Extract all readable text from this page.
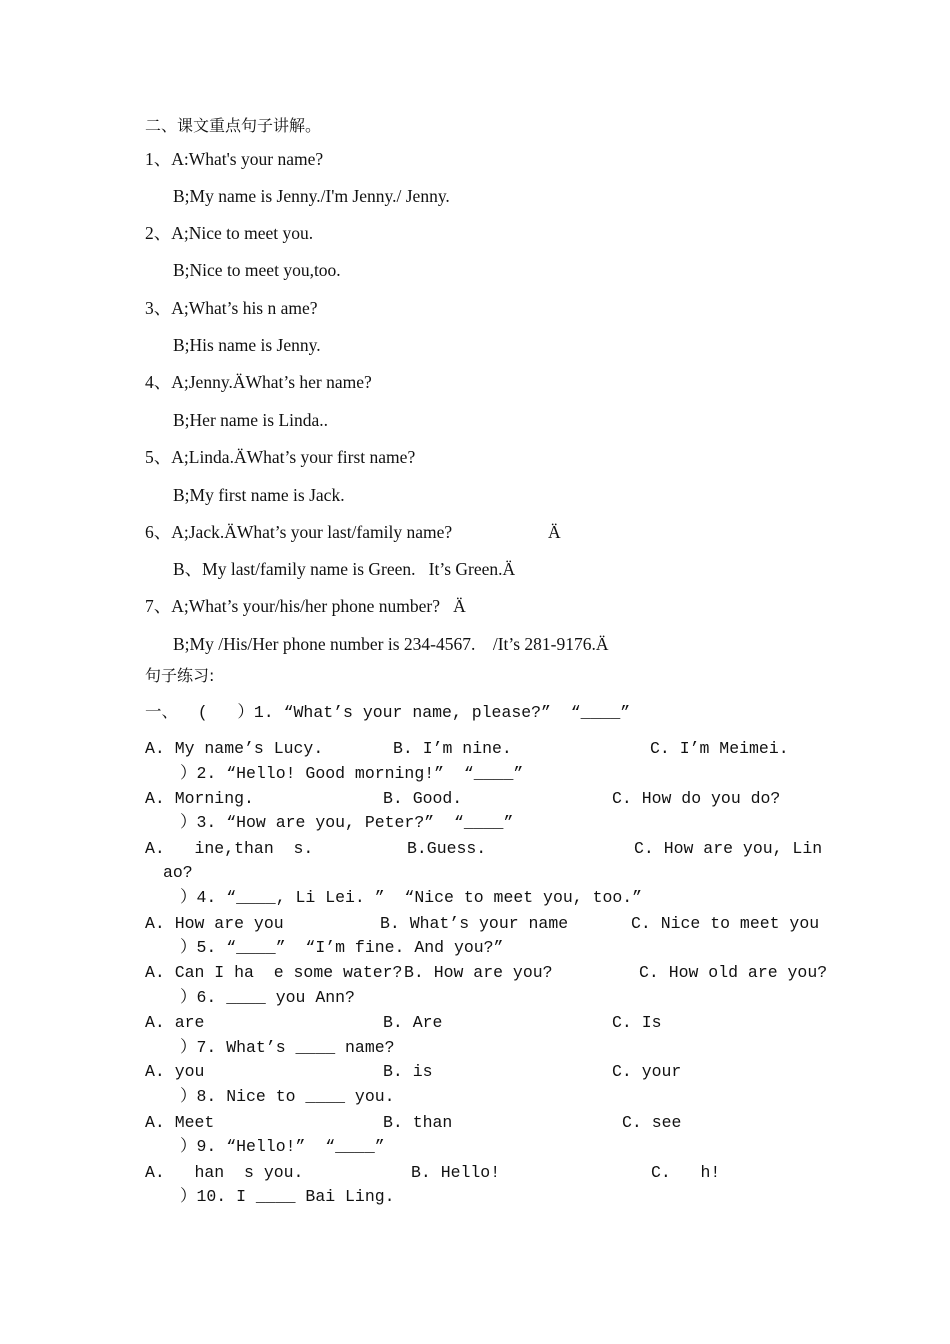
二、课文重点句子讲解。
1、A:What's your name?
B;My name is Jenny./I'm Jenny./ Jenny.
2、A;Nice to meet you.
B;Nice to meet you,too.
3、A;What’s his n ame?
B;His name is Jenny.
4、A;Jenny.ÄWhat’s her name?
B;Her name is Linda..
5、A;Linda.ÄWhat’s your first name?
B;My first name is Jack.
6、A;Jack.ÄWhat’s your last/family name?	Ä
B、My last/family name is Green.   It’s Green.Ä
7、A;What’s your/his/her phone number?   Ä
B;My /His/Her phone number is 234-4567.    /It’s 281-9176.Ä
句子练习:
一、  (   ）1. “What’s your name, please?”  “____”
A. My name’s Lucy.	B. I’m nine.	C. I’m Meimei.
）2. “Hello! Good morning!”  “____”
A. Morning.	B. Good.	C. How do you do?
）3. “How are you, Peter?”  “____”
A.   ine,than  s.	B.Guess.	C. How are you, Lin
ao?
）4. “____, Li Lei. ”  “Nice to meet you, too.”
A. How are you	B. What’s your name	C. Nice to meet you
）5. “____”  “I’m fine. And you?”
A. Can I ha  e some water? B. How are you?	C. How old are you?
）6. ____ you Ann?
A. are	B. Are	C. Is
）7. What’s ____ name?
A. you	B. is	C. your
）8. Nice to ____ you.
A. Meet	B. than	C. see
）9. “Hello!”  “____”
A.   han  s you.	B. Hello!	C.   h!
）10. I ____ Bai Ling.
